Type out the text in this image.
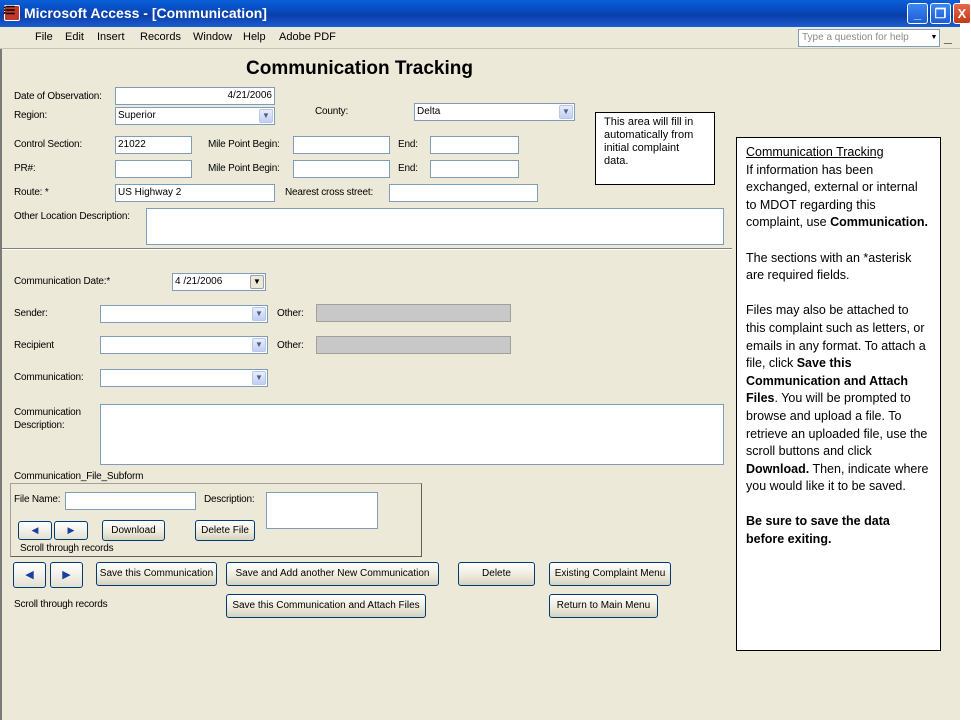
Microsoft Access - [Communication]	_	❐ X
⁝☰
File Edit Insert Records Window Help Adobe PDF	Type a question for help	▼ _
Communication Tracking
Date of Observation:	4/21/2006
Region:	Superior	▼	County:	Delta	▼
This area will fill in automatically from initial complaint data.
Control Section:	21022	Mile Point Begin:	End:
PR#:	Mile Point Begin:	End:
Route: *	US Highway 2	Nearest cross street:
Other Location Description:
Communication Date:*	4 /21/2006	▼
Sender:	▼	Other:
Recipient	▼	Other:
Communication:	▼
Communication
Description:
Communication_File_Subform
File Name:	Description:
◀	▶	Download	Delete File
Scroll through records
◀	▶
Scroll through records
Save this Communication	Save and Add another New Communication	Delete	Existing Complaint Menu
Save this Communication and Attach Files	Return to Main Menu
Communication Tracking
If information has been exchanged, external or internal to MDOT regarding this complaint, use Communication.

The sections with an *asterisk are required fields.

Files may also be attached to this complaint such as letters, or emails in any format. To attach a file, click Save this Communication and Attach Files. You will be prompted to browse and upload a file. To retrieve an uploaded file, use the scroll buttons and click Download. Then, indicate where you would like it to be saved.

Be sure to save the data before exiting.
